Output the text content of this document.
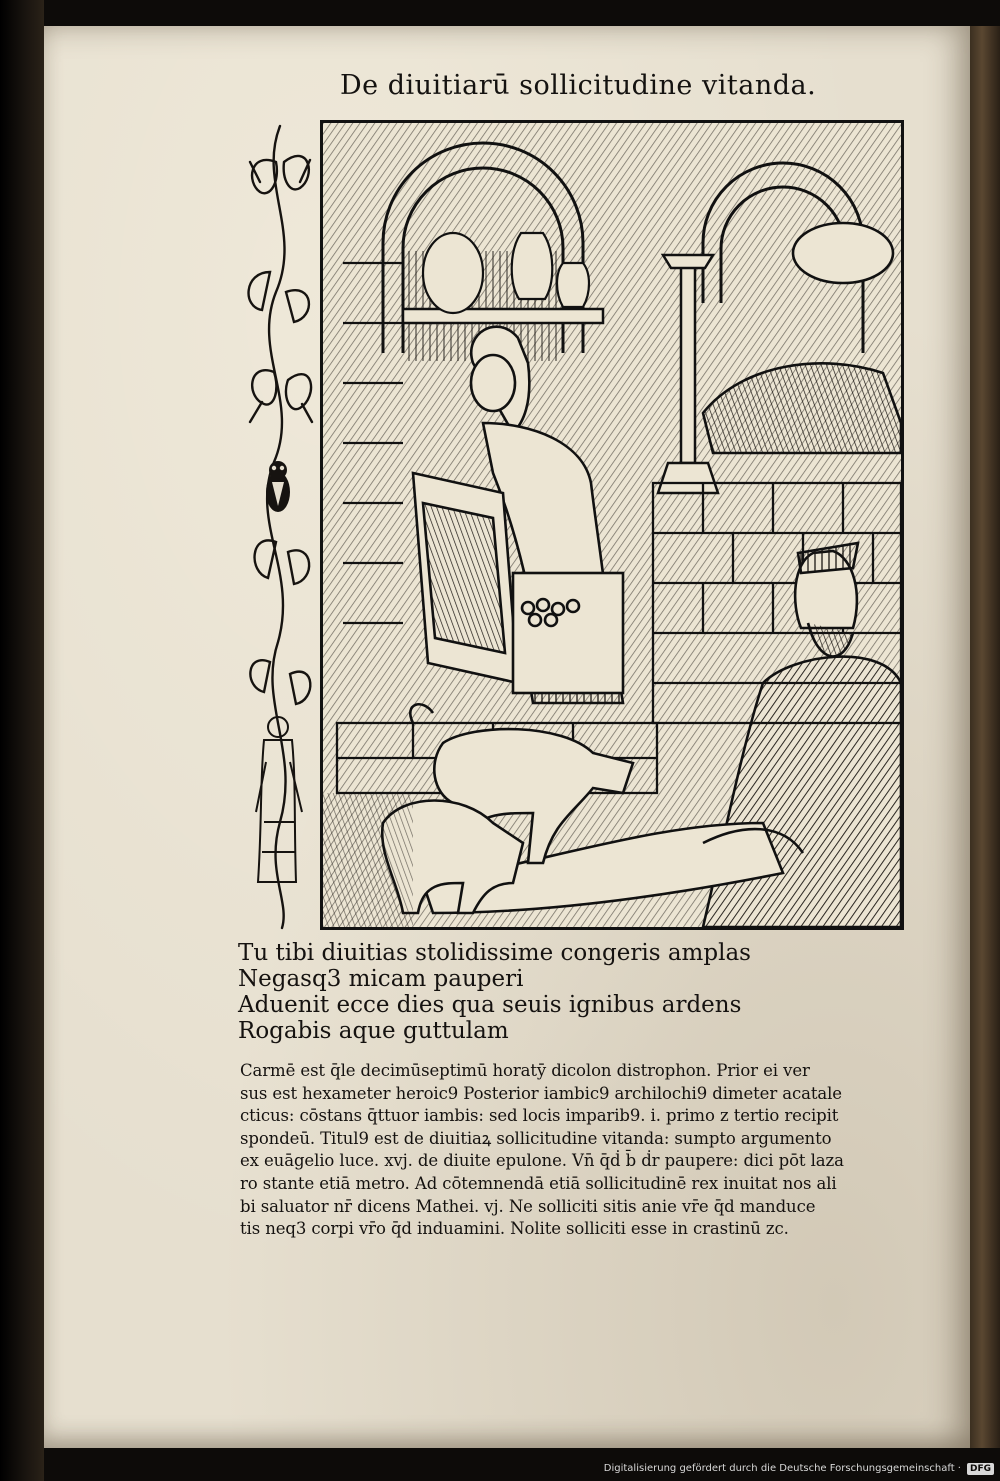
De diuitiarū sollicitudine vitanda.
Tu tibi diuitias stolidissime congeris amplas
Negasq3 micam pauperi
Aduenit ecce dies qua seuis ignibus ardens
Rogabis aque guttulam
Carmē est q̄le decimūseptimū horatȳ dicolon distrophon. Prior ei ver
sus est hexameter heroic9 Posterior iambic9 archilochi9 dimeter acatale
cticus: cōstans q̄ttuor iambis: sed locis imparib9. i. primo z tertio recipit
spondeū. Titul9 est de diuitiaꝝ sollicitudine vitanda: sumpto argumento
ex euāgelio luce. xvj. de diuite epulone. Vn̄ q̄ḋ b̄ ḋr paupere: dici pōt laza
ro stante etiā metro. Ad cōtemnendā etiā sollicitudinē rex inuitat nos ali
bi saluator nr̄ dicens Mathei. vj. Ne solliciti sitis anie vr̄e q̄d manduce
tis neq3 corpi vr̄o q̄d induamini. Nolite solliciti esse in crastinū zc.
Digitalisierung gefördert durch die Deutsche Forschungsgemeinschaft ·	DFG
